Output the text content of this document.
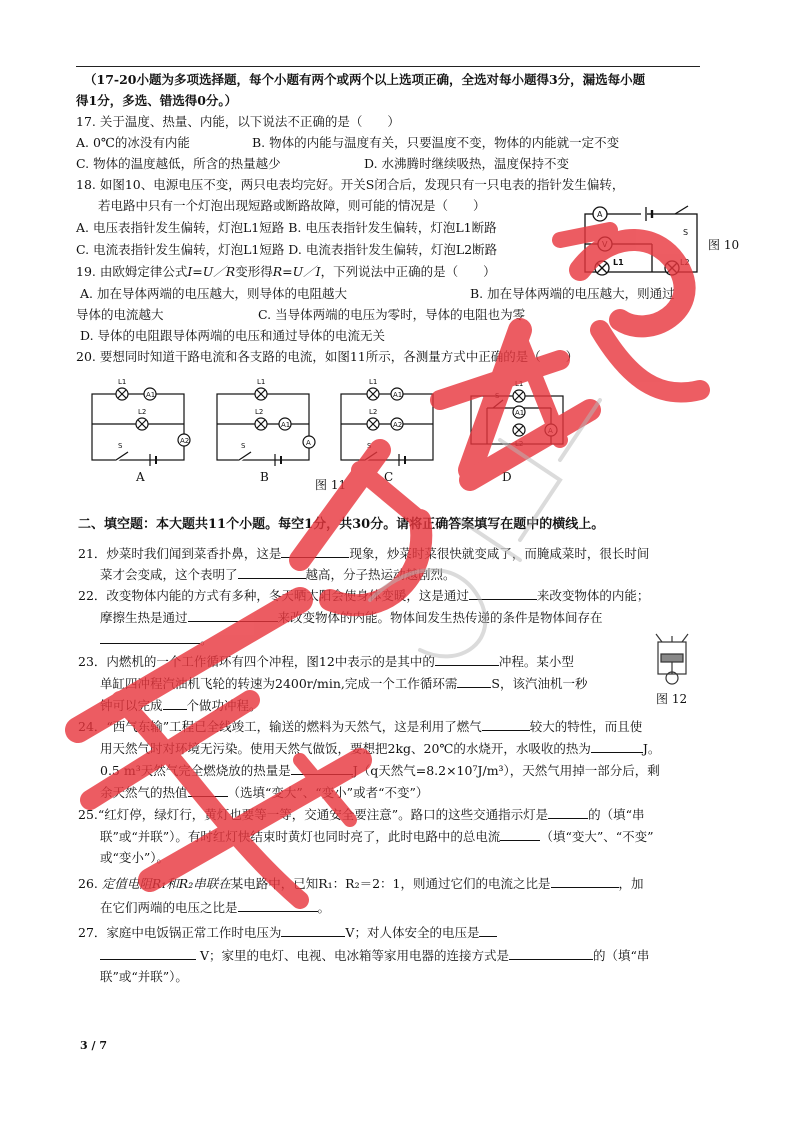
（17-20小题为多项选择题，每个小题有两个或两个以上选项正确，全选对每小题得3分，漏选每小题
得1分，多选、错选得0分。）
17. 关于温度、热量、内能，以下说法不正确的是（　　）
A. 0℃的冰没有内能	B. 物体的内能与温度有关，只要温度不变，物体的内能就一定不变
C. 物体的温度越低，所含的热量越少	D. 水沸腾时继续吸热，温度保持不变
18. 如图10、电源电压不变，两只电表均完好。开关S闭合后，发现只有一只电表的指针发生偏转，
若电路中只有一个灯泡出现短路或断路故障，则可能的情况是（　　）
A. 电压表指针发生偏转，灯泡L1短路 B. 电压表指针发生偏转，灯泡L1断路
C. 电流表指针发生偏转，灯泡L1短路 D. 电流表指针发生偏转，灯泡L2断路
A
V
S
L1	L2
图 10
19. 由欧姆定律公式I=U／R变形得R=U／I，下列说法中正确的是（　　）
A. 加在导体两端的电压越大，则导体的电阻越大	B. 加在导体两端的电压越大，则通过
导体的电流越大	C. 当导体两端的电压为零时，导体的电阻也为零
D. 导体的电阻跟导体两端的电压和通过导体的电流无关
20. 要想同时知道干路电流和各支路的电流，如图11所示，各测量方式中正确的是（　　）
L1
A1
L2
A2
S
L1
L2
A1
A
S
L1
A1
L2
A2
S
L1
A1
L2
A
S
A	B
图 11
C	D
二、填空题：本大题共11个小题。每空1分，共30分。请将正确答案填写在题中的横线上。
21．炒菜时我们闻到菜香扑鼻，这是	现象，炒菜时菜很快就变咸了，而腌咸菜时，很长时间
菜才会变咸，这个表明了	越高，分子热运动越剧烈。
22．改变物体内能的方式有多种，冬天晒太阳会使身体变暖，这是通过	来改变物体的内能；
摩擦生热是通过	来改变物体的内能。物体间发生热传递的条件是物体间存在
。
23．内燃机的一个工作循环有四个冲程，图12中表示的是其中的	冲程。某小型
单缸四冲程汽油机飞轮的转速为2400r/min,完成一个工作循环需	S，该汽油机一秒
钟可以完成 个做功冲程。	图 12
24．“西气东输”工程已全线竣工，输送的燃料为天然气，这是利用了燃气	较大的特性，而且使
用天然气时对环境无污染。使用天然气做饭，要想把2kg、20℃的水烧开，水吸收的热为	J。
0.5 m³天然气完全燃烧放的热量是	J（q天然气=8.2×10⁷J/m³），天然气用掉一部分后，剩
余天然气的热值	（选填“变大”、“变小”或者“不变”）
25.“红灯停，绿灯行，黄灯也要等一等，交通安全要注意”。路口的这些交通指示灯是	的（填“串
联”或“并联”）。有时红灯快结束时黄灯也同时亮了，此时电路中的总电流	（填“变大”、“不变”
或“变小”）。
26. 定值电阻R₁和R₂串联在某电路中，已知R₁：R₂＝2：1，则通过它们的电流之比是	，加
在它们两端的电压之比是	。
27．家庭中电饭锅正常工作时电压为	V；对人体安全的电压是
V；家里的电灯、电视、电冰箱等家用电器的连接方式是	的（填“串
联”或“并联”）。
3 / 7
